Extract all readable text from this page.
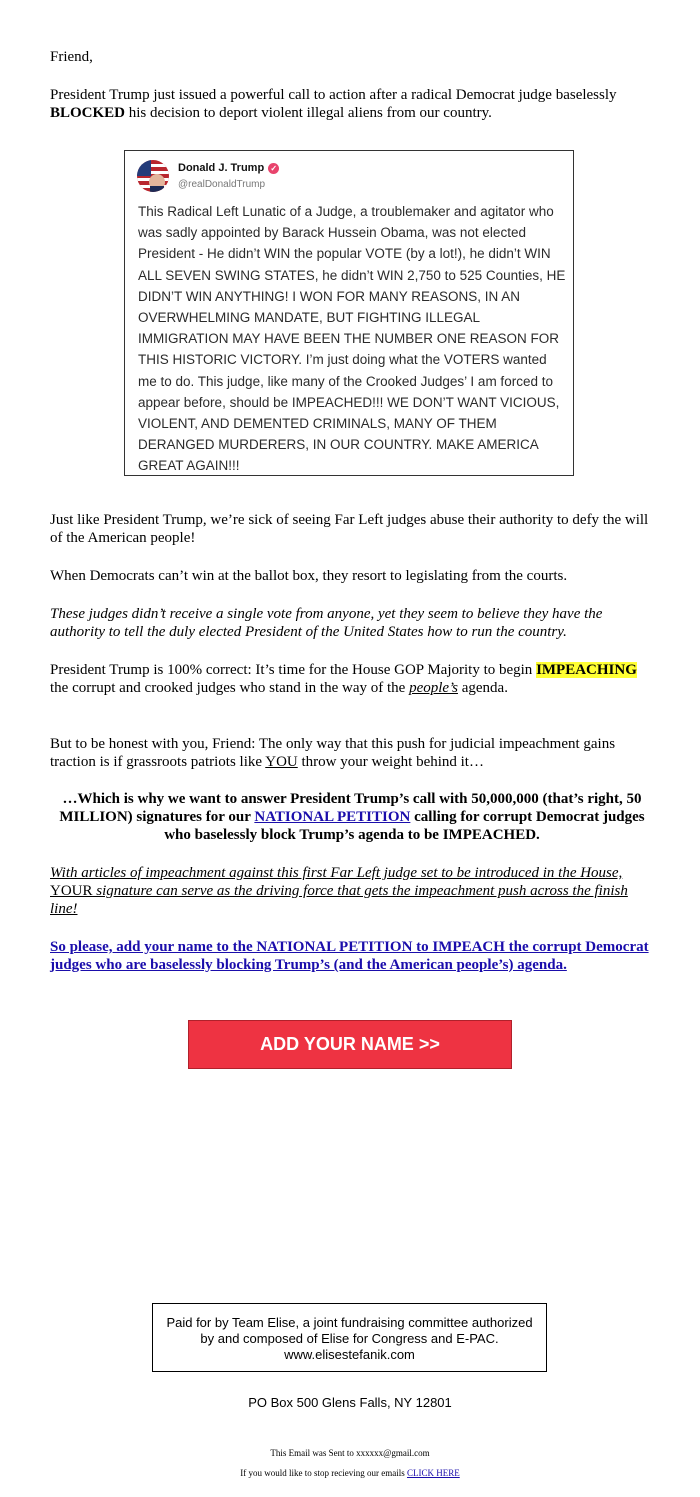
Friend,

President Trump just issued a powerful call to action after a radical Democrat judge baselessly BLOCKED his decision to deport violent illegal aliens from our country.

Just like President Trump, we’re sick of seeing Far Left judges abuse their authority to defy the will of the American people!

When Democrats can’t win at the ballot box, they resort to legislating from the courts.

These judges didn’t receive a single vote from anyone, yet they seem to believe they have the authority to tell the duly elected President of the United States how to run the country.

President Trump is 100% correct: It’s time for the House GOP Majority to begin IMPEACHING the corrupt and crooked judges who stand in the way of the people’s agenda.

But to be honest with you, Friend: The only way that this push for judicial impeachment gains traction is if grassroots patriots like YOU throw your weight behind it…

…Which is why we want to answer President Trump’s call with 50,000,000 (that’s right, 50 MILLION) signatures for our NATIONAL PETITION calling for corrupt Democrat judges who baselessly block Trump’s agenda to be IMPEACHED.

With articles of impeachment against this first Far Left judge set to be introduced in the House, YOUR signature can serve as the driving force that gets the impeachment push across the finish line!

So please, add your name to the NATIONAL PETITION to IMPEACH the corrupt Democrat judges who are baselessly blocking Trump’s (and the American people’s) agenda.

Donald J. Trump ✓
@realDonaldTrump
This Radical Left Lunatic of a Judge, a troublemaker and agitator who was sadly appointed by Barack Hussein Obama, was not elected President - He didn’t WIN the popular VOTE (by a lot!), he didn’t WIN ALL SEVEN SWING STATES, he didn’t WIN 2,750 to 525 Counties, HE DIDN’T WIN ANYTHING! I WON FOR MANY REASONS, IN AN OVERWHELMING MANDATE, BUT FIGHTING ILLEGAL IMMIGRATION MAY HAVE BEEN THE NUMBER ONE REASON FOR THIS HISTORIC VICTORY. I’m just doing what the VOTERS wanted me to do. This judge, like many of the Crooked Judges’ I am forced to appear before, should be IMPEACHED!!! WE DON’T WANT VICIOUS, VIOLENT, AND DEMENTED CRIMINALS, MANY OF THEM DERANGED MURDERERS, IN OUR COUNTRY. MAKE AMERICA GREAT AGAIN!!!
ADD YOUR NAME >>
Paid for by Team Elise, a joint fundraising committee authorized by and composed of Elise for Congress and E-PAC. www.elisestefanik.com
PO Box 500 Glens Falls, NY 12801
This Email was Sent to xxxxxx@gmail.com
If you would like to stop recieving our emails CLICK HERE
